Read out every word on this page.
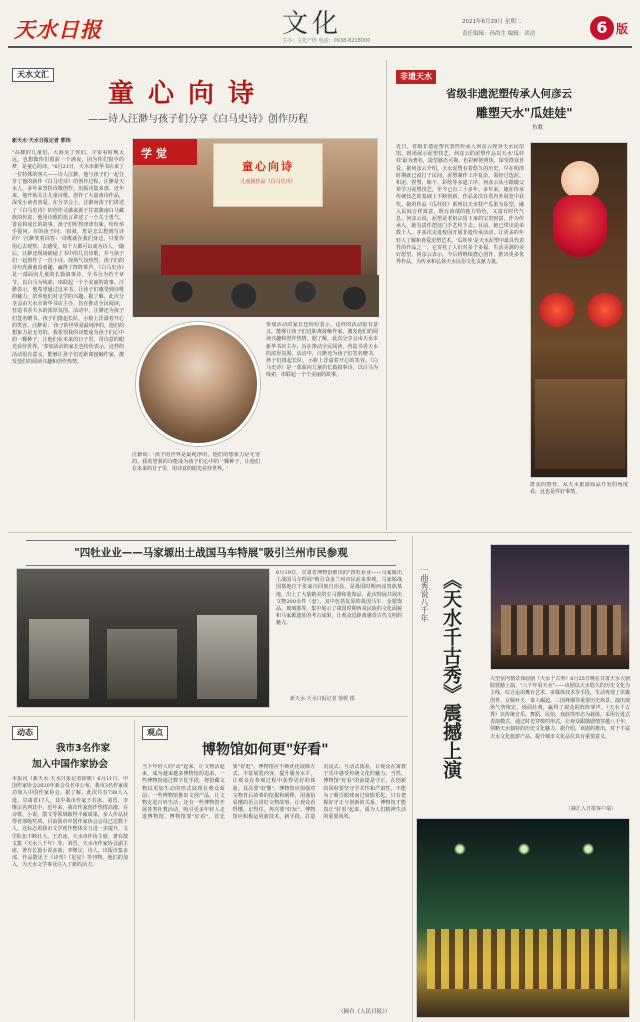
天水日报	文化
主办：文化产经 电话：0938-8218000
2021年6月29日 星期二
责任编辑：孙尚生 编辑：谈浪	6 版
天水文汇
童心向诗
——诗人汪渺与孩子们分享《白马史诗》创作历程
新天水·天水日报记者 郭玮
学 觉
童心向诗
儿童剧作品《白马史诗》
"高楼的儿童们，大海见了你们，宇宙看时晚太远，也想做你们窗前一个满夜，因为你们窗中的梦，是童心的诗。"6月21日，天水市新华书店来了一位特殊的客人——诗人汪渺，他与孩子们一起分享了他的新作《白马史诗》的创作过程。汪渺是天水人，多年来坚持诗歌创作，出版诗集多部。近年来，他开始关注儿童诗歌，创作了大量童诗作品，深受小读者喜爱。在分享会上，汪渺向孩子们讲述了《白马史诗》的创作灵感来源于甘肃陇南白马藏族的传说，他用诗歌的语言讲述了一个关于勇气、善良和成长的故事。孩子们听得津津有味，纷纷举手提问。有的孩子问：'叔叔，您是怎么想到写诗的？'汪渺笑着回答：'诗歌就在我们身边，只要你用心去观察、去感受，每个人都可以成为诗人。'随后，汪渺还现场朗诵了书中的几首诗歌，并与孩子们一起创作了一首小诗。现场气氛热烈，孩子们的诗句充满童真童趣，赢得了阵阵掌声。《白马史诗》是一部面向儿童的长篇叙事诗，全书分为若干章节，以白马为线索，串联起一个个美丽的故事。汪渺表示，他希望通过这本书，让孩子们感受到诗歌的魅力，培养他们对文学的兴趣。据了解，此次分享会由天水市新华书店主办，旨在推动全民阅读，营造书香天水的浓厚氛围。活动中，汪渺还为孩子们签名赠书，孩子们排起长队，小脸上洋溢着开心的笑容。汪渺说：'孩子的世界是最纯净的，他们的想象力是无穷的。我希望我的诗能成为孩子们心中的一颗种子，让他们在未来的日子里，用诗意的眼光看待世界。'参加活动的家长也纷纷表示，这样的活动很有意义，能够让孩子们近距离接触作家，激发他们的阅读兴趣和创作热情。
汪渺说：'孩子的世界是最纯净的，他们的想象力是无穷的。我希望我的诗能成为孩子们心中的一颗种子，让他们在未来的日子里，用诗意的眼光看待世界。'
参加活动的家长也纷纷表示，这样的活动很有意义，能够让孩子们近距离接触作家，激发他们的阅读兴趣和创作热情。据了解，此次分享会由天水市新华书店主办，旨在推动全民阅读，营造书香天水的浓厚氛围。活动中，汪渺还为孩子们签名赠书，孩子们排起长队，小脸上洋溢着开心的笑容。《白马史诗》是一部面向儿童的长篇叙事诗，以白马为线索，串联起一个个美丽的故事。
非遗天水
省级非遗泥塑传承人何彦云
雕塑天水"瓜娃娃"
鱼歌
近日，省级非遗泥塑代表性传承人何彦云现身天水民俗馆，现场展示泥塑技艺。何彦云的泥塑作品以天水'瓜娃娃'最为著名，造型憨态可掬，色彩鲜艳明快，深受群众喜爱。据何彦云介绍，天水泥塑有着悠久的历史，早在明清时期就已流行于民间。泥塑制作工序复杂，需经过选泥、和泥、捏塑、晾干、彩绘等多道工序。何彦云从小跟随父辈学习泥塑技艺，至今已有三十多年。多年来，她在传承传统技艺的基础上不断创新，作品多次在省内外展览中获奖。她的作品《瓜娃娃》系列以天水特产瓜果为原型，融入民间吉祥寓意，既有浓郁的地方特色，又富有时代气息。何彦云说，泥塑是老祖宗留下来的宝贵财富，作为传承人，她有责任把这门手艺传下去。目前，她已带出徒弟数十人，并多次走进校园开展非遗传承活动，让更多的年轻人了解和喜爱泥塑艺术。'瓜娃娃'是天水泥塑中最具代表性的作品之一，它寄托了人们对多子多福、生活美满的美好愿望。何彦云表示，今后将继续潜心创作，推出更多优秀作品，为传承和弘扬天水民俗文化贡献力量。
群众的赞誉，从天水旅游商品开发的角度看，这也是件好事情。
"四牡业业——马家塬出土战国马车特展"吸引兰州市民参观
6月19日，甘肃省博物馆推出的"四牡业业——马家塬出土战国马车特展"吸引众多兰州市民前来参观。马家塬战国墓地位于张家川回族自治县，是战国时期西戎贵族墓地，出土了大量精美的车马器和装饰品。此次特展共展出文物200余件（套），其中包括复原的战国马车、金银饰品、玻璃器等，集中展示了战国时期西戎民族的文化面貌和马家塬遗址的考古成果，让观众近距离感受古代文明的魅力。
新天水·天水日报记者 徐媛 摄
一曲秀说八千年 《天水千古秀》震撼上演	大型室内情景体验剧《天水千古秀》6月25日晚在甘肃天水大剧院震撼上演。"八千年看天水"——该剧以天水悠久的历史文化为主线，综合运用舞台艺术、多媒体技术等手段，生动再现了伏羲创世、女娲补天、秦人崛起、三国烽烟等重要历史场景。演出现场气势恢宏，场面壮观，赢得了观众的阵阵掌声。《天水千古秀》以传统音乐、舞蹈、民俗、戏曲等形态为载体，采用行进式表演模式，通过时光穿梭的形式，让观众跟随剧情穿越八千年，领略天水独特的历史文化魅力。据介绍，该剧的推出，对于丰富天水文化旅游产品、提升城市文化品位具有重要意义。
（摘汇入日报客户端）
动态
我市3名作家
加入中国作家协会
本报讯（新天水·天水日报记者徐媛）6月11日，中国作家协会2020年新会员名单公布，我市3名作家成功加入中国作家协会。据了解，此次共有738人入选，甘肃省17人，其中我市作家王若冰、刘晋、李继宗名列其中。近年来，我市作家创作热情高涨，在诗歌、小说、散文等领域取得丰硕成果，多人作品获得省部级奖项。目前我市中国作家协会会员已达数十人。这标志着我市文学创作整体实力进一步提升，文学队伍不断壮大。王若冰，天水市作协主席，著有散文集《天水八千年》等；刘晋，天水市作家协会副主席，著有长篇小说多部；李继宗，诗人，出版诗集多部，作品散见于《诗刊》《星星》等刊物。他们的加入，为天水文学事业注入了新的活力。
观点
博物馆如何更"好看"
当下年轻人的"动"起来，让文物活起来，成为越来越多博物馆的追求。一些博物馆通过数字化手段，将馆藏文物以更加生动的形式展现在观众面前；一些博物馆推出文创产品，让文物走进百姓生活；还有一些博物馆开展各类社教活动，吸引更多年轻人走进博物馆。博物馆要"好看"，首先要"好逛"。博物馆应不断优化展陈方式，丰富展览内容，提升服务水平，让观众在参观过程中获得更好的体验。其次要"好懂"。博物馆应加强对文物背后故事的挖掘和阐释，用通俗易懂的语言讲好文物故事，让观众看得懂、记得住。再次要"好玩"。博物馆应积极运用新技术、新手段，打造沉浸式、互动式体验，让观众在寓教于乐中感受传统文化的魅力。当然，博物馆"好看"的前提是守正，在创新的同时要坚守学术性和严肃性，不能为了吸引眼球而过度娱乐化。只有把握好守正与创新的关系，博物馆才能真正"好看"起来，成为人们精神生活的重要场所。
（摘自《人民日报》）
